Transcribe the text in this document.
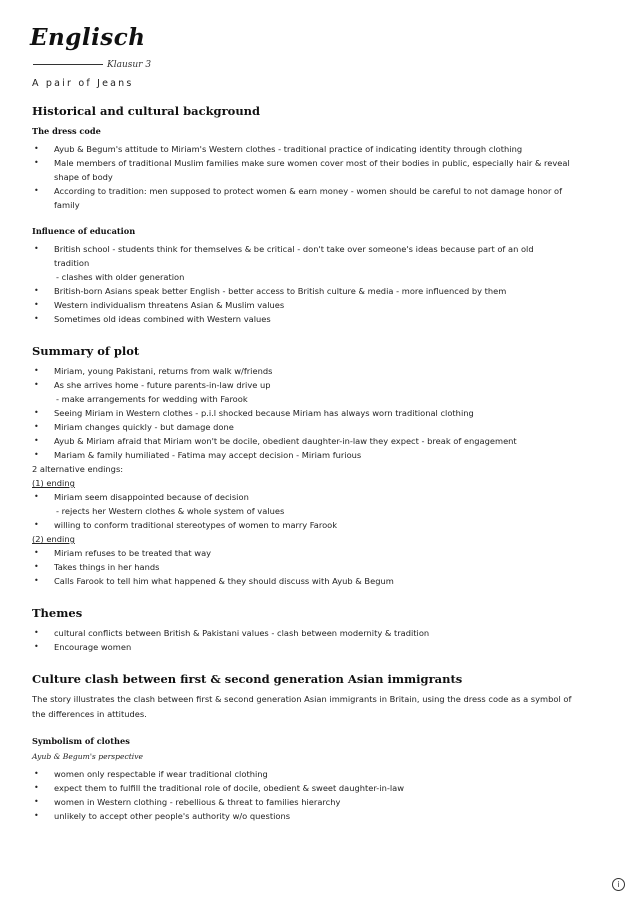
Englisch
Klausur 3
A pair of Jeans
Historical and cultural background
The dress code
• Ayub & Begum's attitude to Miriam's Western clothes - traditional practice of indicating identity through clothing
• Male members of traditional Muslim families make sure women cover most of their bodies in public, especially hair & reveal
shape of body
• According to tradition: men supposed to protect women & earn money - women should be careful to not damage honor of
family
Influence of education
• British school - students think for themselves & be critical - don't take over someone's ideas because part of an old
tradition
- clashes with older generation
• British-born Asians speak better English - better access to British culture & media - more influenced by them
• Western individualism threatens Asian & Muslim values
• Sometimes old ideas combined with Western values
Summary of plot
• Miriam, young Pakistani, returns from walk w/friends
• As she arrives home - future parents-in-law drive up
- make arrangements for wedding with Farook
• Seeing Miriam in Western clothes - p.i.l shocked because Miriam has always worn traditional clothing
• Miriam changes quickly - but damage done
• Ayub & Miriam afraid that Miriam won't be docile, obedient daughter-in-law they expect - break of engagement
• Mariam & family humiliated - Fatima may accept decision - Miriam furious
2 alternative endings:
(1) ending
• Miriam seem disappointed because of decision
- rejects her Western clothes & whole system of values
• willing to conform traditional stereotypes of women to marry Farook
(2) ending
• Miriam refuses to be treated that way
• Takes things in her hands
• Calls Farook to tell him what happened & they should discuss with Ayub & Begum
Themes
• cultural conflicts between British & Pakistani values - clash between modernity & tradition
• Encourage women
Culture clash between first & second generation Asian immigrants
The story illustrates the clash between first & second generation Asian immigrants in Britain, using the dress code as a symbol of
the differences in attitudes.
Symbolism of clothes
Ayub & Begum's perspective
• women only respectable if wear traditional clothing
• expect them to fulfill the traditional role of docile, obedient & sweet daughter-in-law
• women in Western clothing - rebellious & threat to families hierarchy
• unlikely to accept other people's authority w/o questions
i
